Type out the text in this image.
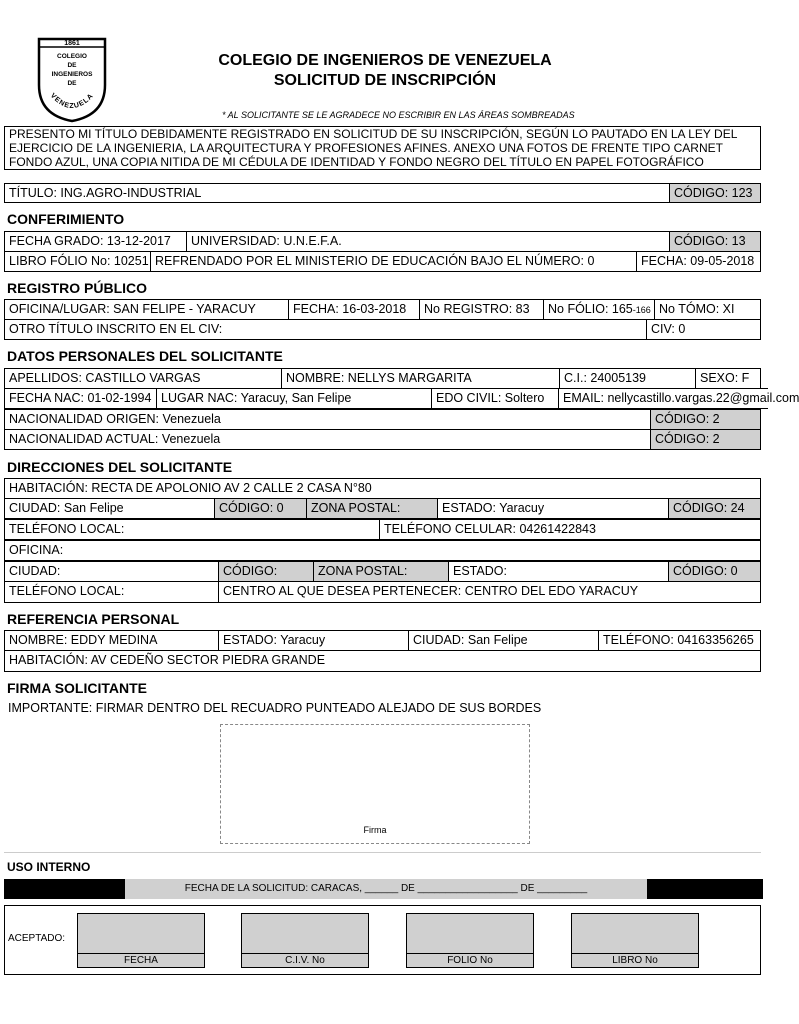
1861
COLEGIO
DE
INGENIEROS
DE
VENEZUELA
COLEGIO DE INGENIEROS DE VENEZUELA
SOLICITUD DE INSCRIPCIÓN
* AL SOLICITANTE SE LE AGRADECE NO ESCRIBIR EN LAS ÁREAS SOMBREADAS
PRESENTO MI TÍTULO DEBIDAMENTE REGISTRADO EN SOLICITUD DE SU INSCRIPCIÓN, SEGÚN LO PAUTADO EN LA LEY DEL EJERCICIO DE LA INGENIERIA, LA ARQUITECTURA Y PROFESIONES AFINES. ANEXO UNA FOTOS DE FRENTE TIPO CARNET FONDO AZUL, UNA COPIA NITIDA DE MI CÉDULA DE IDENTIDAD Y FONDO NEGRO DEL TÍTULO EN PAPEL FOTOGRÁFICO
TÍTULO: ING.AGRO-INDUSTRIAL	CÓDIGO: 123
CONFERIMIENTO
FECHA GRADO: 13-12-2017	UNIVERSIDAD: U.N.E.F.A.	CÓDIGO: 13
LIBRO FÓLIO No: 10251 REFRENDADO POR EL MINISTERIO DE EDUCACIÓN BAJO EL NÚMERO: 0	FECHA: 09-05-2018
REGISTRO PÚBLICO
OFICINA/LUGAR: SAN FELIPE - YARACUY	FECHA: 16-03-2018	No REGISTRO: 83	No FÓLIO: 165-166 No TÓMO: XI
OTRO TÍTULO INSCRITO EN EL CIV:	CIV: 0
DATOS PERSONALES DEL SOLICITANTE
APELLIDOS: CASTILLO VARGAS	NOMBRE: NELLYS MARGARITA	C.I.: 24005139	SEXO: F
FECHA NAC: 01-02-1994 LUGAR NAC: Yaracuy, San Felipe	EDO CIVIL: Soltero	EMAIL: nellycastillo.vargas.22@gmail.com
NACIONALIDAD ORIGEN: Venezuela	CÓDIGO: 2
NACIONALIDAD ACTUAL: Venezuela	CÓDIGO: 2
DIRECCIONES DEL SOLICITANTE
HABITACIÓN: RECTA DE APOLONIO AV 2 CALLE 2 CASA N°80
CIUDAD: San Felipe	CÓDIGO: 0	ZONA POSTAL:	ESTADO: Yaracuy	CÓDIGO: 24
TELÉFONO LOCAL:	TELÉFONO CELULAR: 04261422843
OFICINA:
CIUDAD:	CÓDIGO:	ZONA POSTAL:	ESTADO:	CÓDIGO: 0
TELÉFONO LOCAL:	CENTRO AL QUE DESEA PERTENECER: CENTRO DEL EDO YARACUY
REFERENCIA PERSONAL
NOMBRE: EDDY MEDINA	ESTADO: Yaracuy	CIUDAD: San Felipe	TELÉFONO: 04163356265
HABITACIÓN: AV CEDEÑO SECTOR PIEDRA GRANDE
FIRMA SOLICITANTE
IMPORTANTE: FIRMAR DENTRO DEL RECUADRO PUNTEADO ALEJADO DE SUS BORDES
Firma
USO INTERNO
FECHA DE LA SOLICITUD: CARACAS, ______ DE __________________ DE _________
ACEPTADO:
FECHA	C.I.V. No	FOLIO No	LIBRO No
